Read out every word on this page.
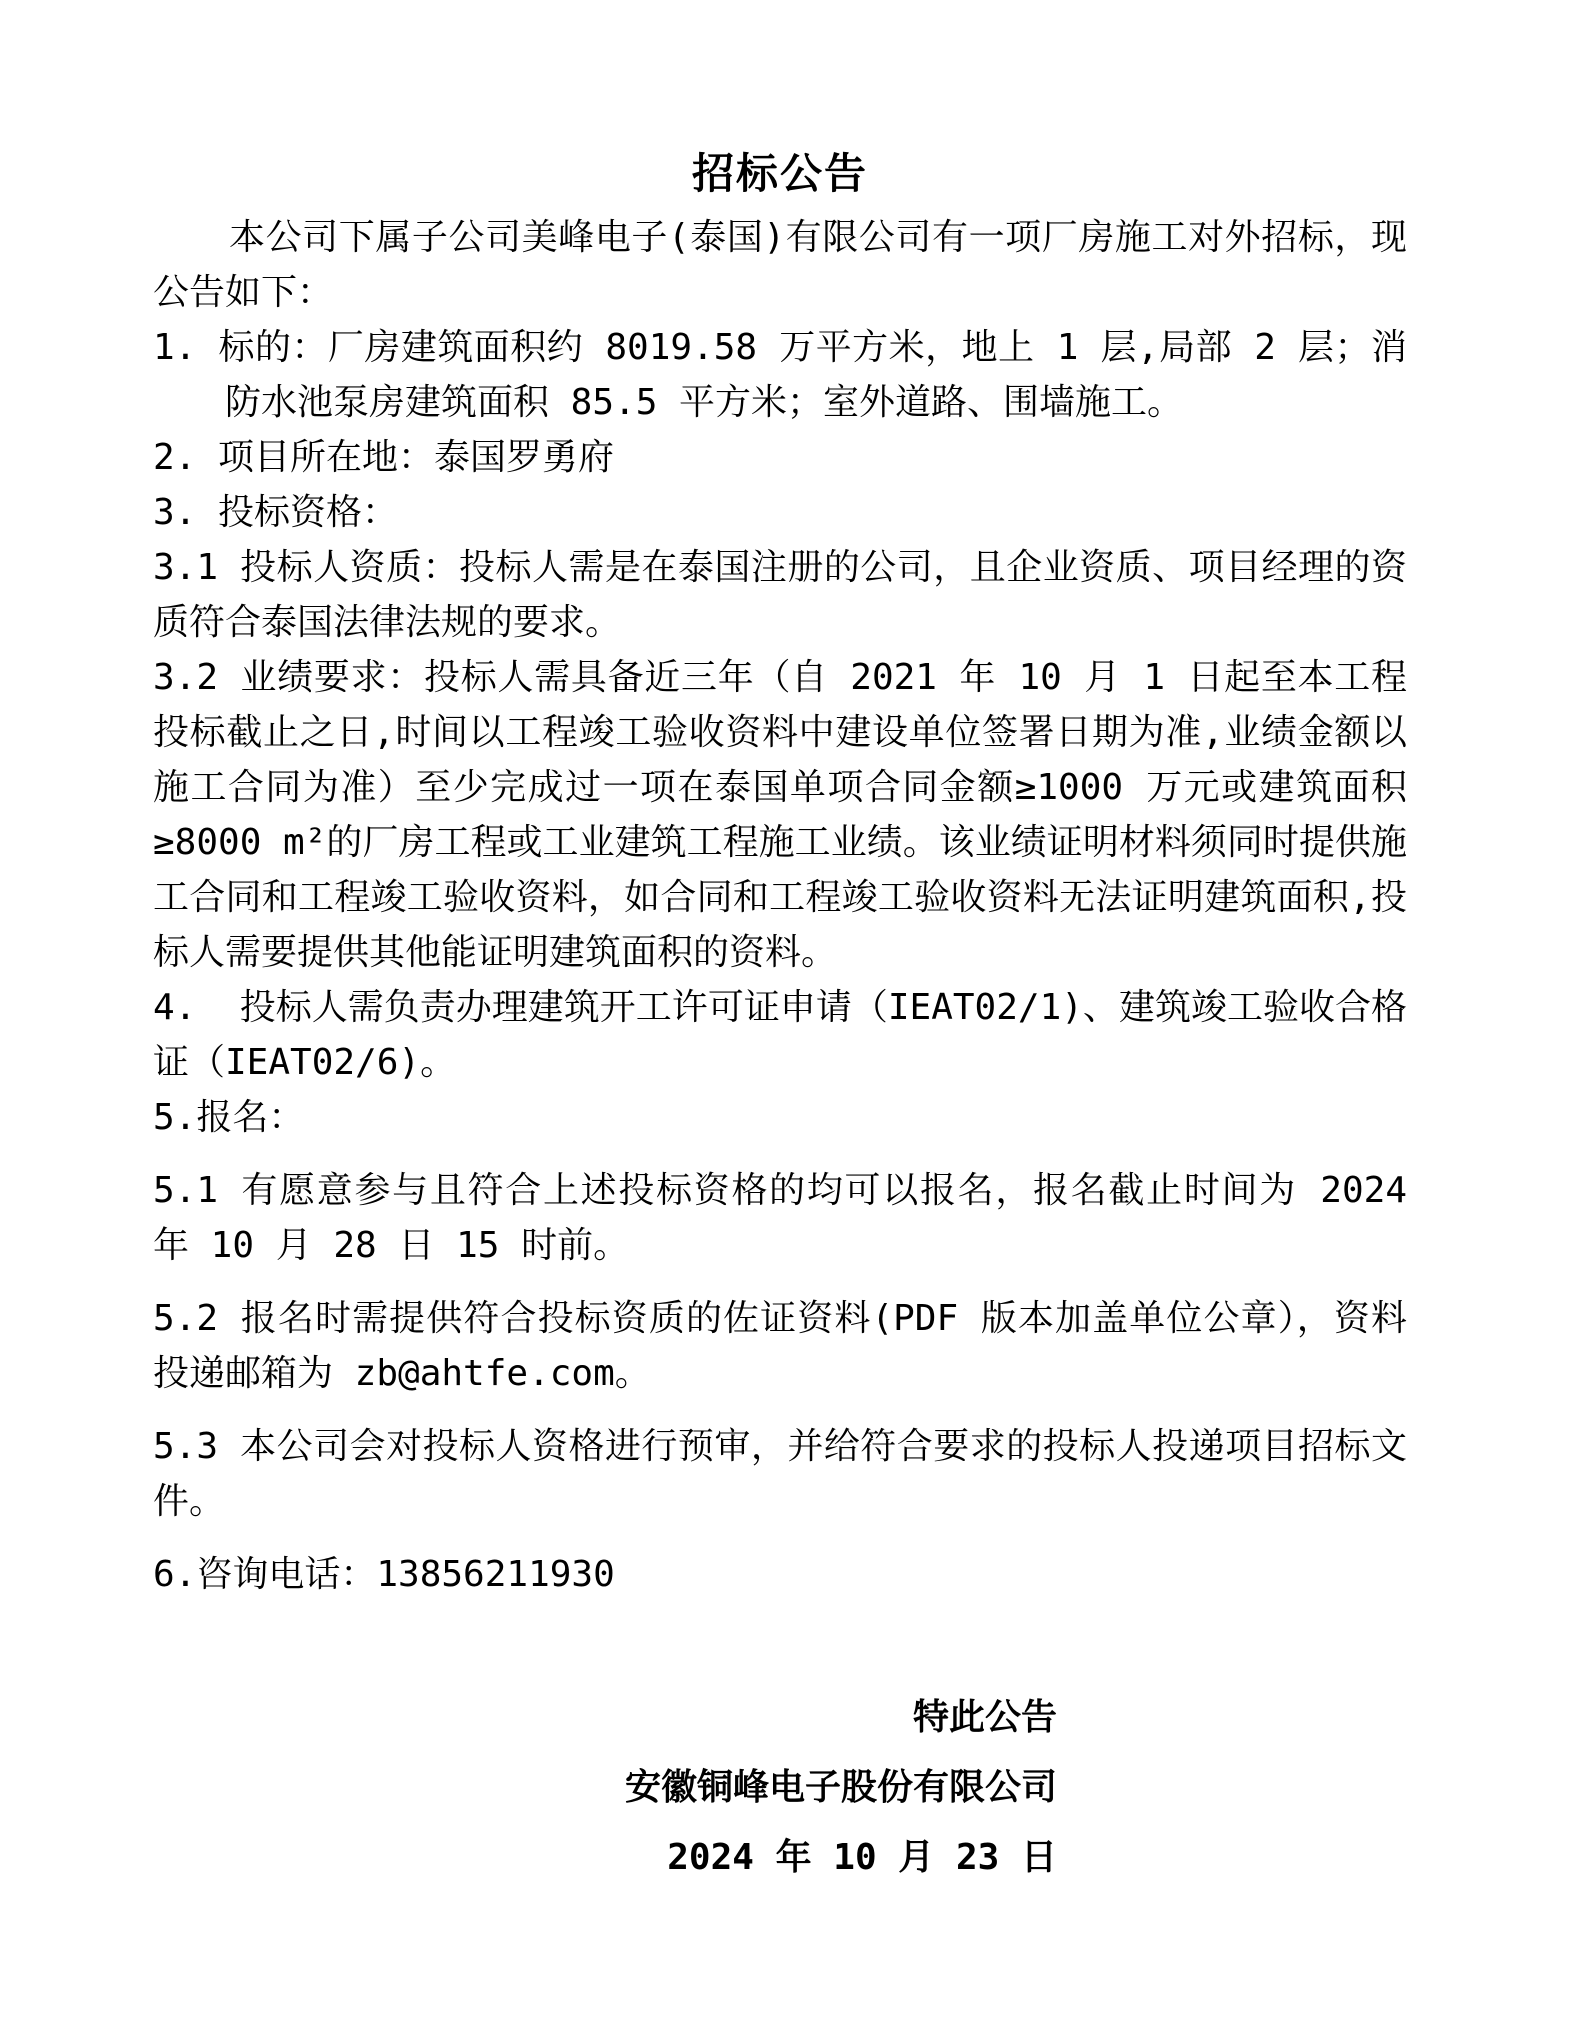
招标公告

本公司下属子公司美峰电子(泰国)有限公司有一项厂房施工对外招标，现公告如下：

1. 标的：厂房建筑面积约 8019.58 万平方米，地上 1 层,局部 2 层；消防水池泵房建筑面积 85.5 平方米；室外道路、围墙施工。

2. 项目所在地：泰国罗勇府

3. 投标资格：

3.1 投标人资质：投标人需是在泰国注册的公司，且企业资质、项目经理的资质符合泰国法律法规的要求。

3.2 业绩要求：投标人需具备近三年（自 2021 年 10 月 1 日起至本工程投标截止之日,时间以工程竣工验收资料中建设单位签署日期为准,业绩金额以施工合同为准）至少完成过一项在泰国单项合同金额≥1000 万元或建筑面积≥8000 m²的厂房工程或工业建筑工程施工业绩。该业绩证明材料须同时提供施工合同和工程竣工验收资料，如合同和工程竣工验收资料无法证明建筑面积,投标人需要提供其他能证明建筑面积的资料。

4.  投标人需负责办理建筑开工许可证申请（IEAT02/1)、建筑竣工验收合格证（IEAT02/6)。

5.报名：

5.1 有愿意参与且符合上述投标资格的均可以报名，报名截止时间为 2024 年 10 月 28 日 15 时前。

5.2 报名时需提供符合投标资质的佐证资料(PDF 版本加盖单位公章），资料投递邮箱为 zb@ahtfe.com。

5.3 本公司会对投标人资格进行预审，并给符合要求的投标人投递项目招标文件。

6.咨询电话：13856211930

特此公告

安徽铜峰电子股份有限公司

2024 年 10 月 23 日
